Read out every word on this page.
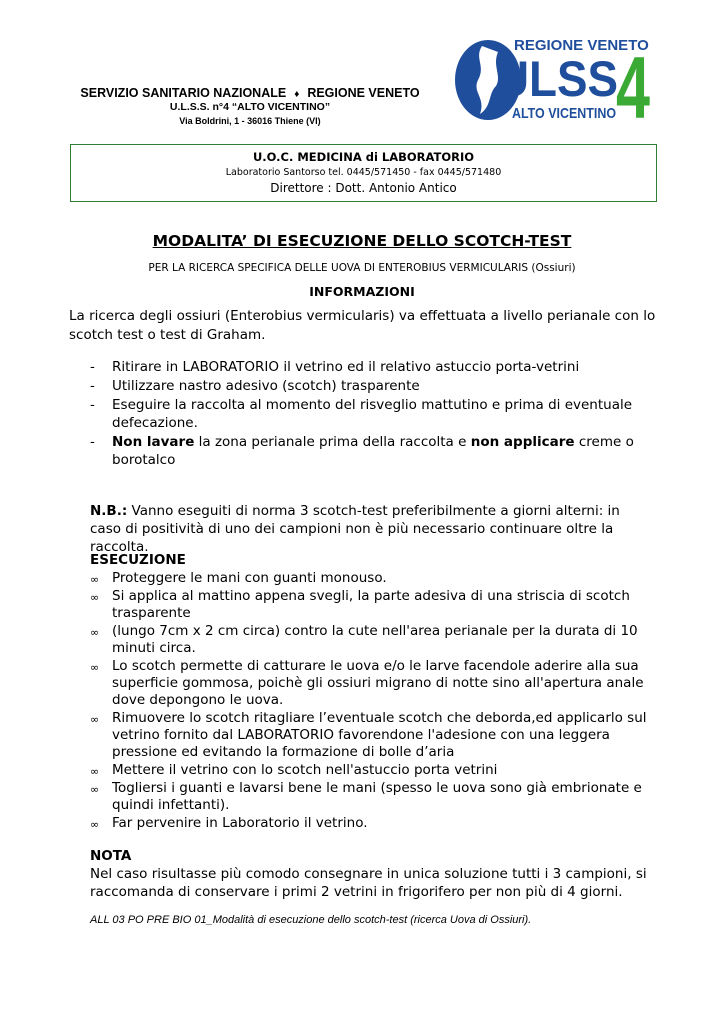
SERVIZIO SANITARIO NAZIONALE ♦ REGIONE VENETO
U.L.S.S. n°4 “ALTO VICENTINO”
Via Boldrini, 1 - 36016 Thiene (VI)
REGIONE VENETO
ULSS
4
ALTO VICENTINO
U.O.C. MEDICINA di LABORATORIO
Laboratorio Santorso tel. 0445/571450 - fax 0445/571480
Direttore : Dott. Antonio Antico
MODALITA’ DI ESECUZIONE DELLO SCOTCH-TEST
PER LA RICERCA SPECIFICA DELLE UOVA DI ENTEROBIUS VERMICULARIS (Ossiuri)
INFORMAZIONI
La ricerca degli ossiuri (Enterobius vermicularis) va effettuata a livello perianale con lo scotch test o test di Graham.
- Ritirare in LABORATORIO il vetrino ed il relativo astuccio porta-vetrini
- Utilizzare nastro adesivo (scotch) trasparente
- Eseguire la raccolta al momento del risveglio mattutino e prima di eventuale defecazione.
- Non lavare la zona perianale prima della raccolta e non applicare creme o borotalco
N.B.: Vanno eseguiti di norma 3 scotch-test preferibilmente a giorni alterni: in caso di positività di uno dei campioni non è più necessario continuare oltre la raccolta.
ESECUZIONE
∞ Proteggere le mani con guanti monouso.
∞ Si applica al mattino appena svegli, la parte adesiva di una striscia di scotch trasparente
∞ (lungo 7cm x 2 cm circa) contro la cute nell'area perianale per la durata di 10 minuti circa.
∞ Lo scotch permette di catturare le uova e/o le larve facendole aderire alla sua superficie gommosa, poichè gli ossiuri migrano di notte sino all'apertura anale dove depongono le uova.
∞ Rimuovere lo scotch ritagliare l’eventuale scotch che deborda,ed applicarlo sul vetrino fornito dal LABORATORIO favorendone l'adesione con una leggera pressione ed evitando la formazione di bolle d’aria
∞ Mettere il vetrino con lo scotch nell'astuccio porta vetrini
∞ Togliersi i guanti e lavarsi bene le mani (spesso le uova sono già embrionate e quindi infettanti).
∞ Far pervenire in Laboratorio il vetrino.
NOTA
Nel caso risultasse più comodo consegnare in unica soluzione tutti i 3 campioni, si raccomanda di conservare i primi 2 vetrini in frigorifero per non più di 4 giorni.
ALL 03 PO PRE BIO 01_Modalità di esecuzione dello scotch-test (ricerca Uova di Ossiuri).
